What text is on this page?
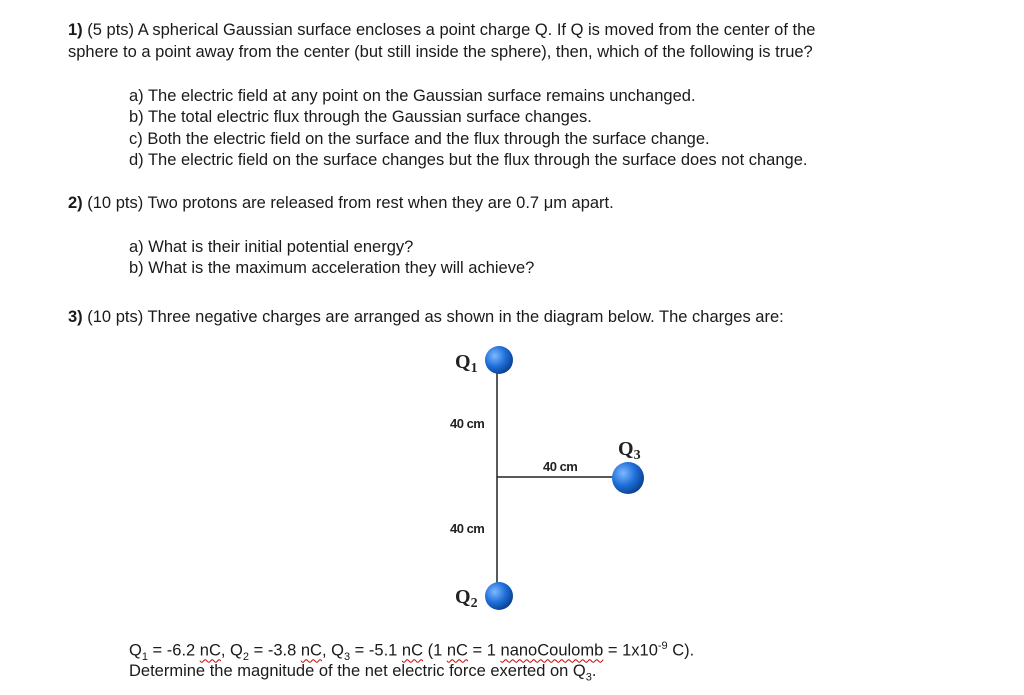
1) (5 pts) A spherical Gaussian surface encloses a point charge Q. If Q is moved from the center of the
sphere to a point away from the center (but still inside the sphere), then, which of the following is true?
a) The electric field at any point on the Gaussian surface remains unchanged.
b) The total electric flux through the Gaussian surface changes.
c) Both the electric field on the surface and the flux through the surface change.
d) The electric field on the surface changes but the flux through the surface does not change.
2) (10 pts) Two protons are released from rest when they are 0.7 μm apart.
a) What is their initial potential energy?
b) What is the maximum acceleration they will achieve?
3) (10 pts) Three negative charges are arranged as shown in the diagram below. The charges are:
$Q_1$
$Q_3$
$Q_2$
40 cm
40 cm
40 cm
$Q_1 = -6.2$ nC, $Q_2 = -3.8$ nC, $Q_3 = -5.1$ nC (1 nC = 1 nanoCoulomb = $1x10^{-9}$ C).
Determine the magnitude of the net electric force exerted on $Q_3$.
